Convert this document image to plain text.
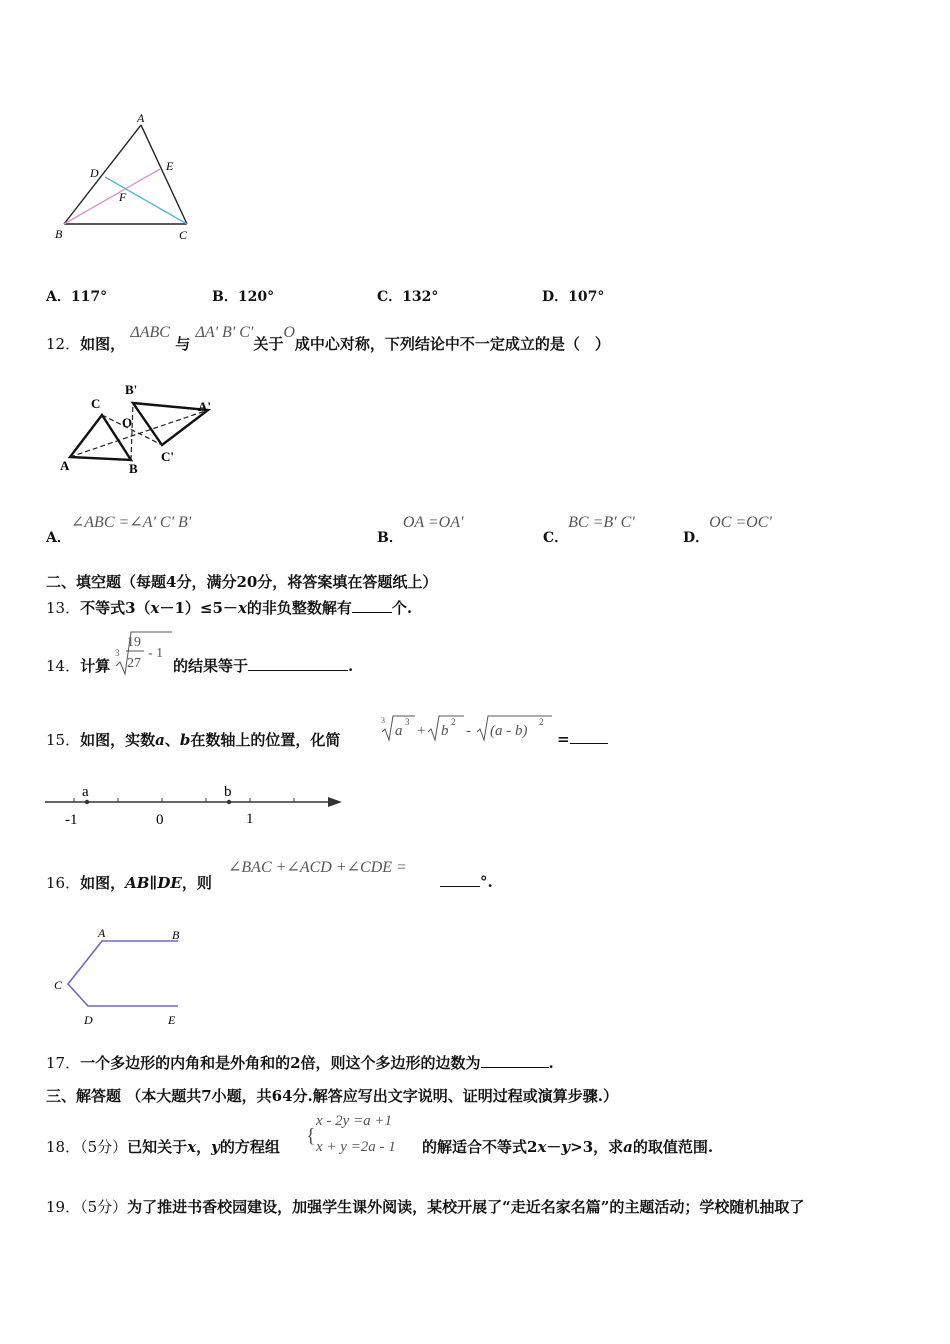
A
D	E
F
B	C
A．117°	B．120°	C．132°	D．107°
12．如图， ΔABC 与 ΔA' B' C'关于O成中心对称，下列结论中不一定成立的是（　）
C
B'
O
A'
C'
A	B
A．∠ABC =∠A' C' B'
B．OA =OA'
C．BC =B' C'
D．OC =OC'
二、填空题（每题4分，满分20分，将答案填在答题纸上）
13．不等式3（x－1）≤5－x的非负整数解有	个.
14．计算
3
19
27
- 1
的结果等于	.
15．如图，实数a、b在数轴上的位置，化简
3
a
3
+ b
2
- (a - b)
2
=
a	b
-1	0	1
16．如图，AB∥DE，则
∠BAC +∠ACD +∠CDE =
°.
A	B
C
D	E
17．一个多边形的内角和是外角和的2倍，则这个多边形的边数为	.
三、解答题 （本大题共7小题，共64分.解答应写出文字说明、证明过程或演算步骤.）
18．（5分）已知关于x，y的方程组 {
x - 2y =a +1
x + y =2a - 1 的解适合不等式2x－y>3，求a的取值范围.
19．（5分）为了推进书香校园建设，加强学生课外阅读，某校开展了“走近名家名篇”的主题活动；学校随机抽取了
